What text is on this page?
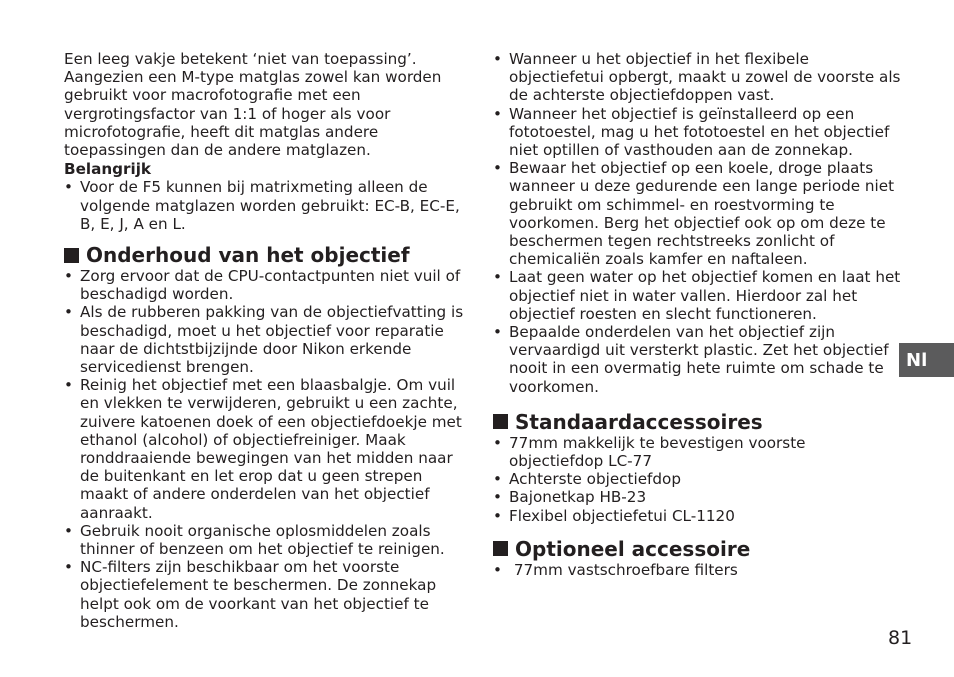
Een leeg vakje betekent ‘niet van toepassing’. Aangezien een M-type matglas zowel kan worden gebruikt voor macrofotografie met een vergrotingsfactor van 1:1 of hoger als voor microfotografie, heeft dit matglas andere toepassingen dan de andere matglazen.

Belangrijk

• Voor de F5 kunnen bij matrixmeting alleen de volgende matglazen worden gebruikt: EC-B, EC-E, B, E, J, A en L.
Onderhoud van het objectief
• Zorg ervoor dat de CPU-contactpunten niet vuil of beschadigd worden.
• Als de rubberen pakking van de objectiefvatting is beschadigd, moet u het objectief voor reparatie naar de dichtstbijzijnde door Nikon erkende servicedienst brengen.
• Reinig het objectief met een blaasbalgje. Om vuil en vlekken te verwijderen, gebruikt u een zachte, zuivere katoenen doek of een objectiefdoekje met ethanol (alcohol) of objectiefreiniger. Maak ronddraaiende bewegingen van het midden naar de buitenkant en let erop dat u geen strepen maakt of andere onderdelen van het objectief aanraakt.
• Gebruik nooit organische oplosmiddelen zoals thinner of benzeen om het objectief te reinigen.
• NC-filters zijn beschikbaar om het voorste objectiefelement te beschermen. De zonnekap helpt ook om de voorkant van het objectief te beschermen.
• Wanneer u het objectief in het flexibele objectiefetui opbergt, maakt u zowel de voorste als de achterste objectiefdoppen vast.
• Wanneer het objectief is geïnstalleerd op een fototoestel, mag u het fototoestel en het objectief niet optillen of vasthouden aan de zonnekap.
• Bewaar het objectief op een koele, droge plaats wanneer u deze gedurende een lange periode niet gebruikt om schimmel- en roestvorming te voorkomen. Berg het objectief ook op om deze te beschermen tegen rechtstreeks zonlicht of chemicaliën zoals kamfer en naftaleen.
• Laat geen water op het objectief komen en laat het objectief niet in water vallen. Hierdoor zal het objectief roesten en slecht functioneren.
• Bepaalde onderdelen van het objectief zijn vervaardigd uit versterkt plastic. Zet het objectief nooit in een overmatig hete ruimte om schade te voorkomen.
Standaardaccessoires
• 77mm makkelijk te bevestigen voorste objectiefdop LC-77
• Achterste objectiefdop
• Bajonetkap HB-23
• Flexibel objectiefetui CL-1120
Optioneel accessoire
• 77mm vastschroefbare filters
Nl
81
